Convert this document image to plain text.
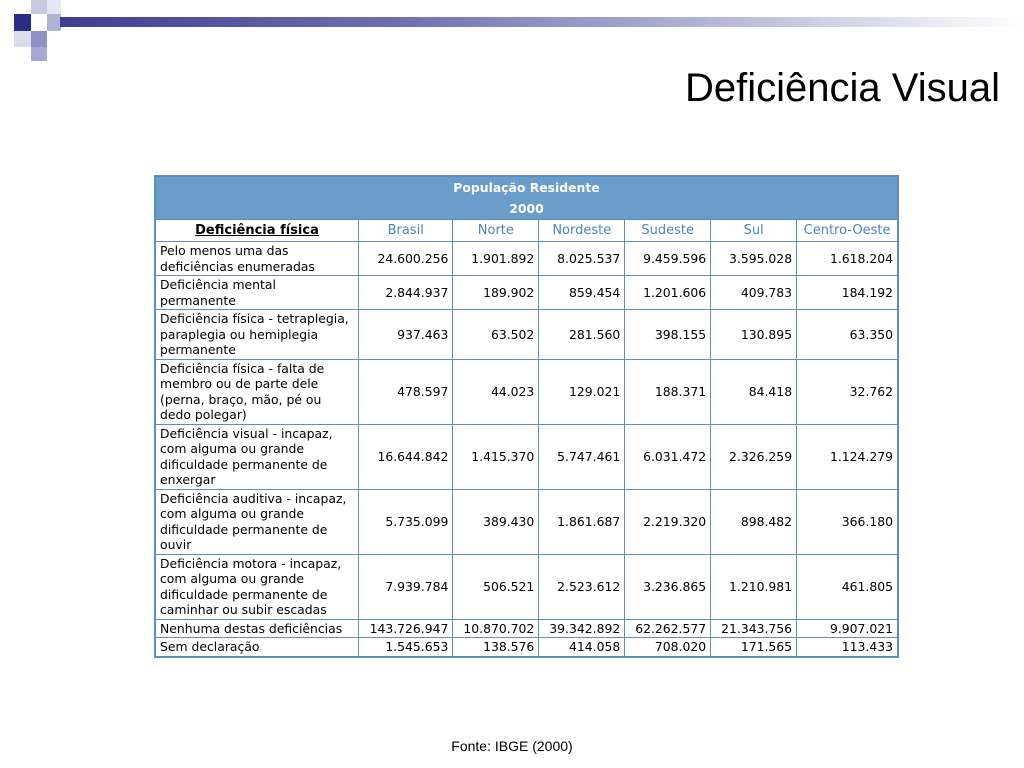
Deficiência Visual
População Residente						
2000						
Deficiência física	Brasil	Norte	Nordeste	Sudeste	Sul	Centro-Oeste
Pelo menos uma das deficiências enumeradas	24.600.256	1.901.892	8.025.537	9.459.596	3.595.028	1.618.204
Deficiência mental permanente	2.844.937	189.902	859.454	1.201.606	409.783	184.192
Deficiência física - tetraplegia, paraplegia ou hemiplegia permanente	937.463	63.502	281.560	398.155	130.895	63.350
Deficiência física - falta de membro ou de parte dele (perna, braço, mão, pé ou dedo polegar)	478.597	44.023	129.021	188.371	84.418	32.762
Deficiência visual - incapaz, com alguma ou grande dificuldade permanente de enxergar	16.644.842	1.415.370	5.747.461	6.031.472	2.326.259	1.124.279
Deficiência auditiva - incapaz, com alguma ou grande dificuldade permanente de ouvir	5.735.099	389.430	1.861.687	2.219.320	898.482	366.180
Deficiência motora - incapaz, com alguma ou grande dificuldade permanente de caminhar ou subir escadas	7.939.784	506.521	2.523.612	3.236.865	1.210.981	461.805
Nenhuma destas deficiências	143.726.947	10.870.702	39.342.892	62.262.577	21.343.756	9.907.021
Sem declaração	1.545.653	138.576	414.058	708.020	171.565	113.433
Fonte: IBGE (2000)
